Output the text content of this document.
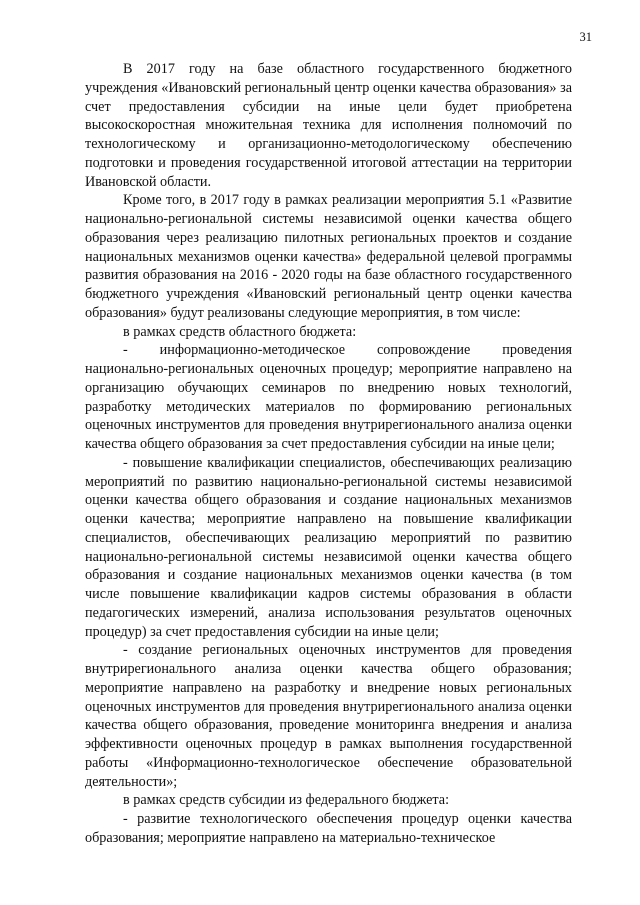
31

В 2017 году на базе областного государственного бюджетного учреждения «Ивановский региональный центр оценки качества образования» за счет предоставления субсидии на иные цели будет приобретена высокоскоростная множительная техника для исполнения полномочий по технологическому и организационно-методологическому обеспечению подготовки и проведения государственной итоговой аттестации на территории Ивановской области.

Кроме того, в 2017 году в рамках реализации мероприятия 5.1 «Развитие национально-региональной системы независимой оценки качества общего образования через реализацию пилотных региональных проектов и создание национальных механизмов оценки качества» федеральной целевой программы развития образования на 2016 - 2020 годы на базе областного государственного бюджетного учреждения «Ивановский региональный центр оценки качества образования» будут реализованы следующие мероприятия, в том числе:

в рамках средств областного бюджета:

- информационно-методическое сопровождение проведения национально-региональных оценочных процедур; мероприятие направлено на организацию обучающих семинаров по внедрению новых технологий, разработку методических материалов по формированию региональных оценочных инструментов для проведения внутрирегионального анализа оценки качества общего образования за счет предоставления субсидии на иные цели;

- повышение квалификации специалистов, обеспечивающих реализацию мероприятий по развитию национально-региональной системы независимой оценки качества общего образования и создание национальных механизмов оценки качества; мероприятие направлено на повышение квалификации специалистов, обеспечивающих реализацию мероприятий по развитию национально-региональной системы независимой оценки качества общего образования и создание национальных механизмов оценки качества (в том числе повышение квалификации кадров системы образования в области педагогических измерений, анализа использования результатов оценочных процедур) за счет предоставления субсидии на иные цели;

- создание региональных оценочных инструментов для проведения внутрирегионального анализа оценки качества общего образования; мероприятие направлено на разработку и внедрение новых региональных оценочных инструментов для проведения внутрирегионального анализа оценки качества общего образования, проведение мониторинга внедрения и анализа эффективности оценочных процедур в рамках выполнения государственной работы «Информационно-технологическое обеспечение образовательной деятельности»;

в рамках средств субсидии из федерального бюджета:

- развитие технологического обеспечения процедур оценки качества образования; мероприятие направлено на материально-техническое
